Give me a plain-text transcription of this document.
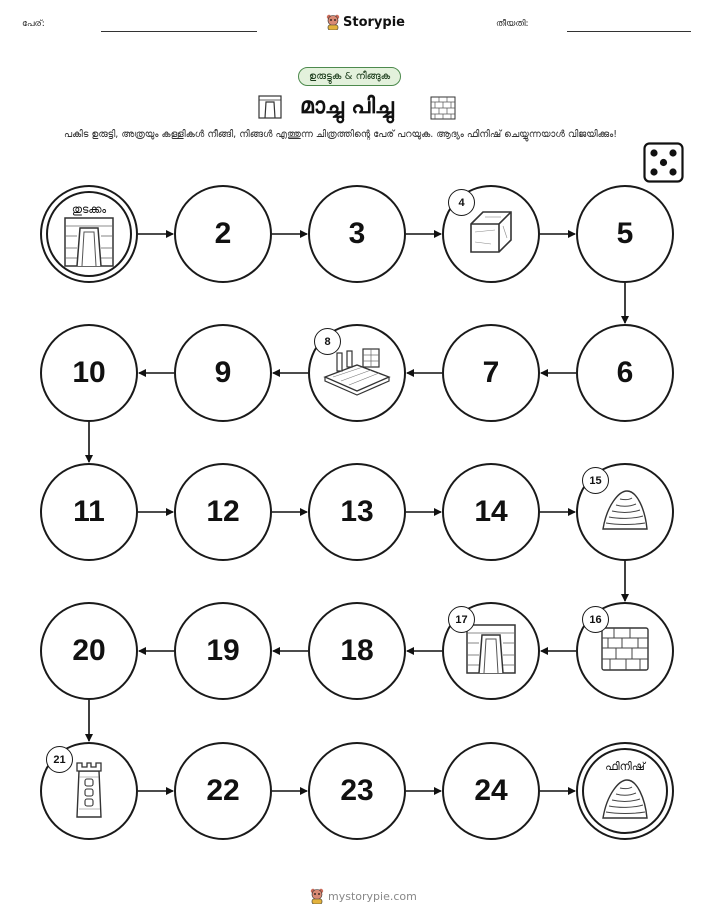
പേര്:	Storypie	തീയതി:
ഉരുട്ടുക & നീങ്ങുക
മാച്ചു പിച്ചു
പകിട ഉരുട്ടി, അത്രയും കള്ളികൾ നീങ്ങി, നിങ്ങൾ എത്തുന്ന ചിത്രത്തിന്റെ പേര് പറയുക. ആദ്യം ഫിനിഷ് ചെയ്യുന്നയാൾ വിജയിക്കും!
തുടക്കം
2	3
4
5
6
7
8
9
10
11	12	13	14
15
16
17
18
19
20
21
22	23	24
ഫിനിഷ്
mystorypie.com
